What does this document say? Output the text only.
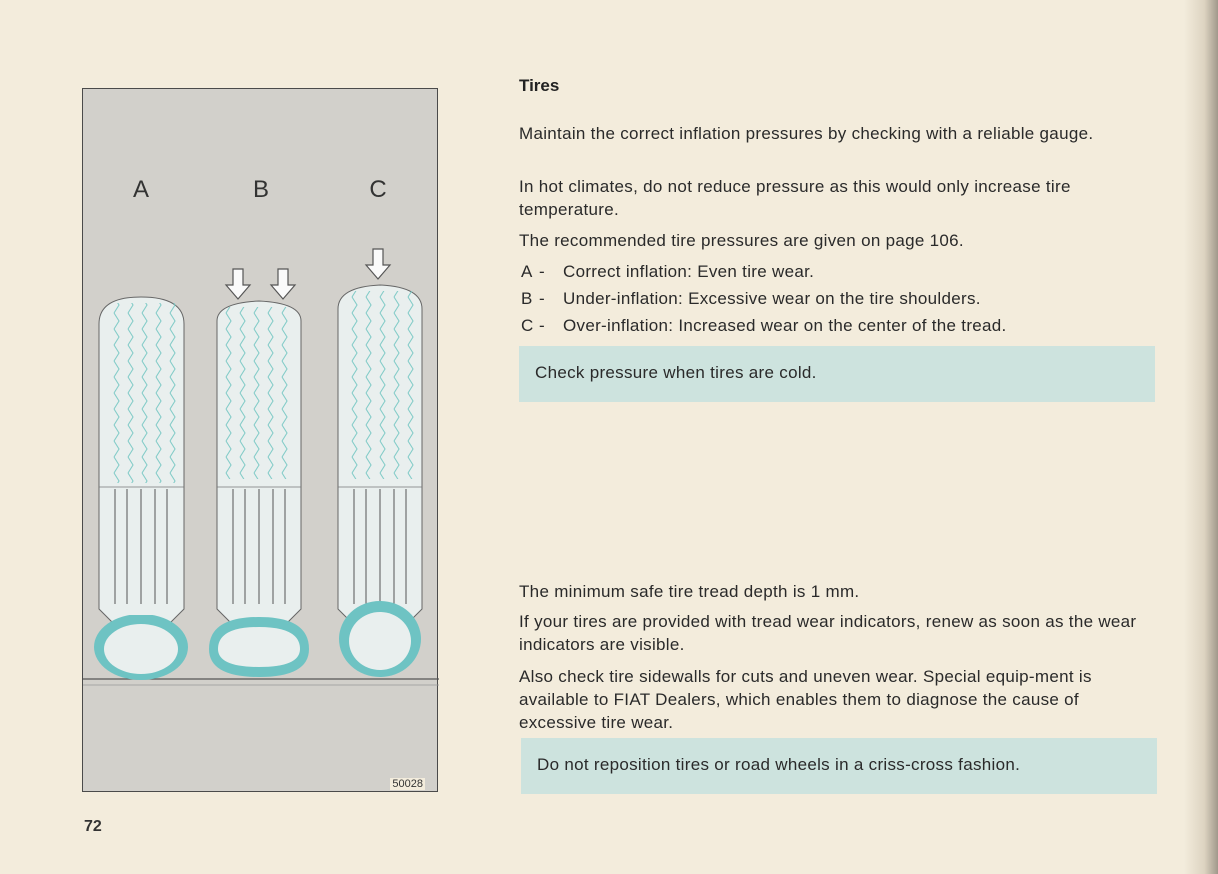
A	B	C
50028
72
Tires

Maintain the correct inflation pressures by checking with a reliable gauge.

In hot climates, do not reduce pressure as this would only increase tire temperature.

The recommended tire pressures are given on page 106.

A - Correct inflation: Even tire wear.
B - Under-inflation: Excessive wear on the tire shoulders.
C - Over-inflation: Increased wear on the center of the tread.
Check pressure when tires are cold.

The minimum safe tire tread depth is 1 mm.

If your tires are provided with tread wear indicators, renew as soon as the wear indicators are visible.

Also check tire sidewalls for cuts and uneven wear. Special equip-ment is available to FIAT Dealers, which enables them to diagnose the cause of excessive tire wear.

Do not reposition tires or road wheels in a criss-cross fashion.
